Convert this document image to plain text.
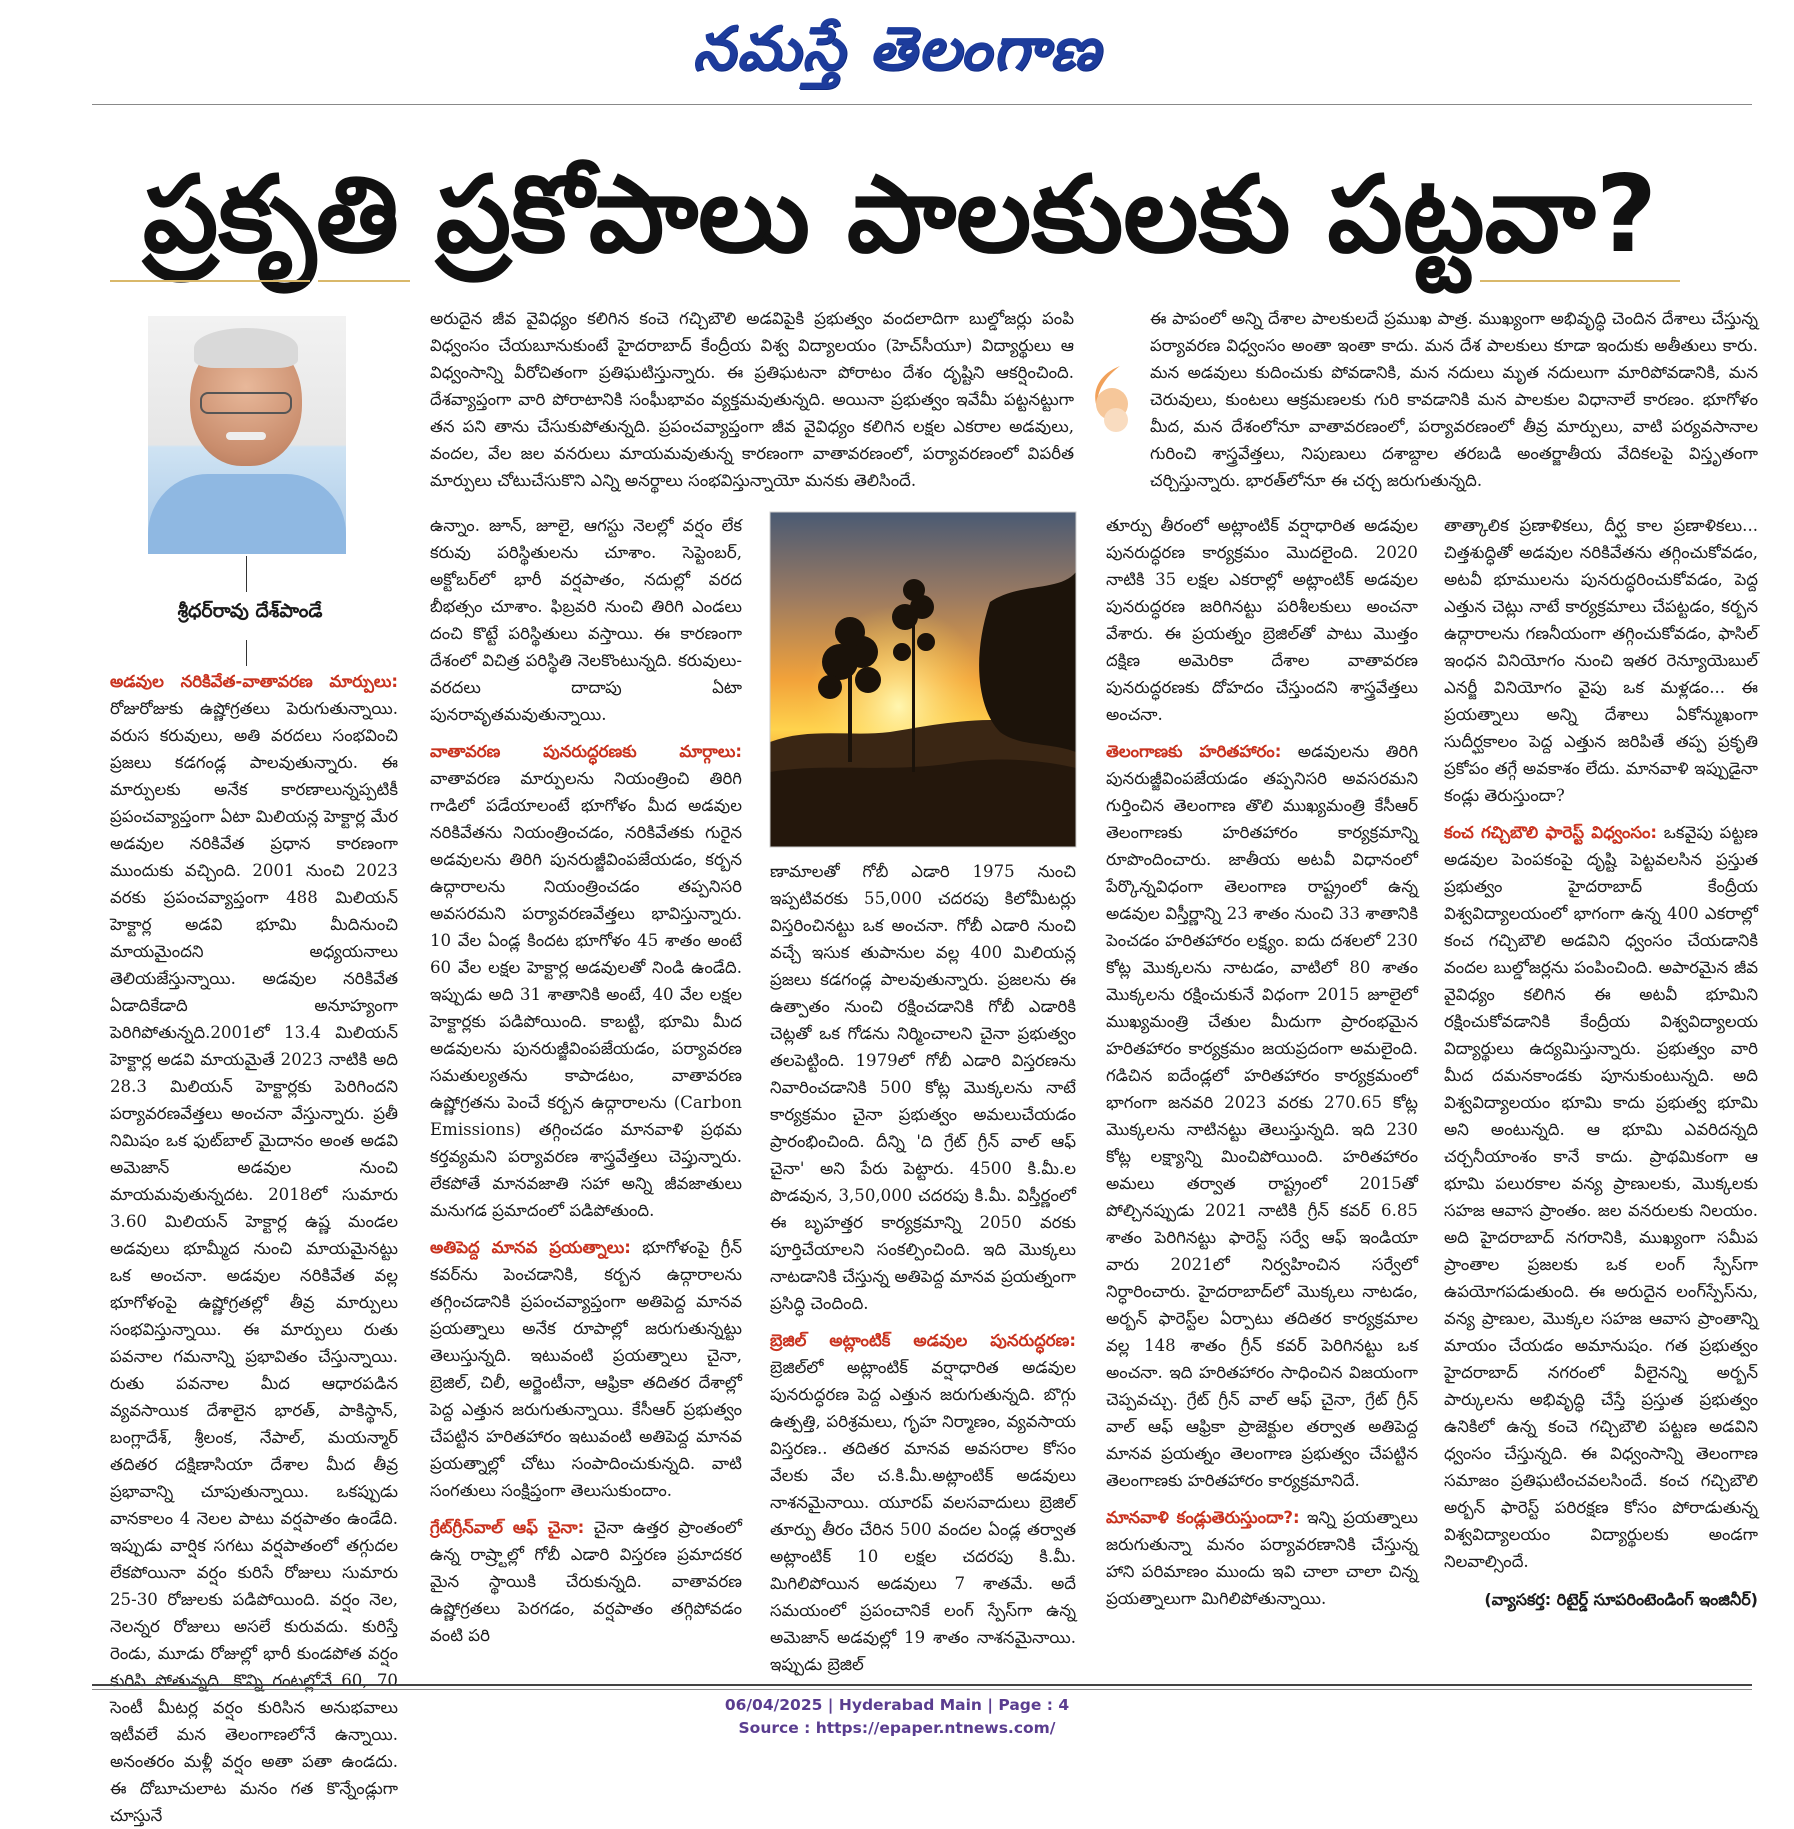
నమస్తే తెలంగాణ
ప్రకృతి ప్రకోపాలు పాలకులకు పట్టవా?
శ్రీధర్‌రావు దేశ్‌పాండే
అరుదైన జీవ వైవిధ్యం కలిగిన కంచె గచ్చిబౌలి అడవిపైకి ప్రభుత్వం వందలాదిగా బుల్డోజర్లు పంపి విధ్వంసం చేయబూనుకుంటే హైదరాబాద్ కేంద్రీయ విశ్వ విద్యాలయం (హెచ్‌సీయూ) విద్యార్థులు ఆ విధ్వంసాన్ని వీరోచితంగా ప్రతిఘటిస్తున్నారు. ఈ ప్రతిఘటనా పోరాటం దేశం దృష్టిని ఆకర్షించింది. దేశవ్యాప్తంగా వారి పోరాటానికి సంఘీభావం వ్యక్తమవుతున్నది. అయినా ప్రభుత్వం ఇవేమీ పట్టనట్టుగా తన పని తాను చేసుకుపోతున్నది. ప్రపంచవ్యాప్తంగా జీవ వైవిధ్యం కలిగిన లక్షల ఎకరాల అడవులు, వందల, వేల జల వనరులు మాయమవుతున్న కారణంగా వాతావరణంలో, పర్యావరణంలో విపరీత మార్పులు చోటుచేసుకొని ఎన్ని అనర్థాలు సంభవిస్తున్నాయో మనకు తెలిసిందే.
ఈ పాపంలో అన్ని దేశాల పాలకులదే ప్రముఖ పాత్ర. ముఖ్యంగా అభివృద్ధి చెందిన దేశాలు చేస్తున్న పర్యావరణ విధ్వంసం అంతా ఇంతా కాదు. మన దేశ పాలకులు కూడా ఇందుకు అతీతులు కారు. మన అడవులు కుదించుకు పోవడానికి, మన నదులు మృత నదులుగా మారిపోవడానికి, మన చెరువులు, కుంటలు ఆక్రమణలకు గురి కావడానికి మన పాలకుల విధానాలే కారణం. భూగోళం మీద, మన దేశంలోనూ వాతావరణంలో, పర్యావరణంలో తీవ్ర మార్పులు, వాటి పర్యవసానాల గురించి శాస్త్రవేత్తలు, నిపుణులు దశాబ్దాల తరబడి అంతర్జాతీయ వేదికలపై విస్తృతంగా చర్చిస్తున్నారు. భారత్‌లోనూ ఈ చర్చ జరుగుతున్నది.

అడవుల నరికివేత-వాతావరణ మార్పులు: రోజురోజుకు ఉష్ణోగ్రతలు పెరుగుతున్నాయి. వరుస కరువులు, అతి వరదలు సంభవించి ప్రజలు కడగండ్ల పాలవుతున్నారు. ఈ మార్పులకు అనేక కారణాలున్నప్పటికీ ప్రపంచవ్యాప్తంగా ఏటా మిలియన్ల హెక్టార్ల మేర అడవుల నరికివేత ప్రధాన కారణంగా ముందుకు వచ్చింది. 2001 నుంచి 2023 వరకు ప్రపంచవ్యాప్తంగా 488 మిలియన్ హెక్టార్ల అడవి భూమి మీదినుంచి మాయమైందని అధ్యయనాలు తెలియజేస్తున్నాయి. అడవుల నరికివేత ఏడాదికేడాది అనూహ్యంగా పెరిగిపోతున్నది.2001లో 13.4 మిలియన్ హెక్టార్ల అడవి మాయమైతే 2023 నాటికి అది 28.3 మిలియన్ హెక్టార్లకు పెరిగిందని పర్యావరణవేత్తలు అంచనా వేస్తున్నారు. ప్రతీ నిమిషం ఒక ఫుట్‌బాల్ మైదానం అంత అడవి అమెజాన్ అడవుల నుంచి మాయమవుతున్నదట. 2018లో సుమారు 3.60 మిలియన్ హెక్టార్ల ఉష్ణ మండల అడవులు భూమ్మీద నుంచి మాయమైనట్టు ఒక అంచనా. అడవుల నరికివేత వల్ల భూగోళంపై ఉష్ణోగ్రతల్లో తీవ్ర మార్పులు సంభవిస్తున్నాయి. ఈ మార్పులు రుతు పవనాల గమనాన్ని ప్రభావితం చేస్తున్నాయి. రుతు పవనాల మీద ఆధారపడిన వ్యవసాయిక దేశాలైన భారత్, పాకిస్థాన్, బంగ్లాదేశ్, శ్రీలంక, నేపాల్, మయన్మార్ తదితర దక్షిణాసియా దేశాల మీద తీవ్ర ప్రభావాన్ని చూపుతున్నాయి. ఒకప్పుడు వానకాలం 4 నెలల పాటు వర్షపాతం ఉండేది. ఇప్పుడు వార్షిక సగటు వర్షపాతంలో తగ్గుదల లేకపోయినా వర్షం కురిసే రోజులు సుమారు 25-30 రోజులకు పడిపోయింది. వర్షం నెల, నెలన్నర రోజులు అసలే కురువదు. కురిస్తే రెండు, మూడు రోజుల్లో భారీ కుండపోత వర్షం కురిసి పోతున్నది. కొన్ని గంటల్లోనే 60, 70 సెంటీ మీటర్ల వర్షం కురిసిన అనుభవాలు ఇటీవలే మన తెలంగాణలోనే ఉన్నాయి. అనంతరం మళ్లీ వర్షం అతా పతా ఉండదు. ఈ దోబూచులాట మనం గత కొన్నేండ్లుగా చూస్తునే

ఉన్నాం. జూన్, జూలై, ఆగస్టు నెలల్లో వర్షం లేక కరువు పరిస్థితులను చూశాం. సెప్టెంబర్, అక్టోబర్‌లో భారీ వర్షపాతం, నదుల్లో వరద బీభత్సం చూశాం. ఫిబ్రవరి నుంచి తిరిగి ఎండలు దంచి కొట్టే పరిస్థితులు వస్తాయి. ఈ కారణంగా దేశంలో విచిత్ర పరిస్థితి నెలకొంటున్నది. కరువులు-వరదలు దాదాపు ఏటా పునరావృతమవుతున్నాయి.

వాతావరణ పునరుద్ధరణకు మార్గాలు: వాతావరణ మార్పులను నియంత్రించి తిరిగి గాడిలో పడేయాలంటే భూగోళం మీద అడవుల నరికివేతను నియంత్రించడం, నరికివేతకు గురైన అడవులను తిరిగి పునరుజ్జీవింపజేయడం, కర్బన ఉద్గారాలను నియంత్రించడం తప్పనిసరి అవసరమని పర్యావరణవేత్తలు భావిస్తున్నారు. 10 వేల ఏండ్ల కిందట భూగోళం 45 శాతం అంటే 60 వేల లక్షల హెక్టార్ల అడవులతో నిండి ఉండేది. ఇప్పుడు అది 31 శాతానికి అంటే, 40 వేల లక్షల హెక్టార్లకు పడిపోయింది. కాబట్టి, భూమి మీద అడవులను పునరుజ్జీవింపజేయడం, పర్యావరణ సమతుల్యతను కాపాడటం, వాతావరణ ఉష్ణోగ్రతను పెంచే కర్బన ఉద్గారాలను (Carbon Emissions) తగ్గించడం మానవాళి ప్రథమ కర్తవ్యమని పర్యావరణ శాస్త్రవేత్తలు చెప్తున్నారు. లేకపోతే మానవజాతి సహా అన్ని జీవజాతులు మనుగడ ప్రమాదంలో పడిపోతుంది.

అతిపెద్ద మానవ ప్రయత్నాలు: భూగోళంపై గ్రీన్ కవర్‌ను పెంచడానికి, కర్బన ఉద్గారాలను తగ్గించడానికి ప్రపంచవ్యాప్తంగా అతిపెద్ద మానవ ప్రయత్నాలు అనేక రూపాల్లో జరుగుతున్నట్టు తెలుస్తున్నది. ఇటువంటి ప్రయత్నాలు చైనా, బ్రెజిల్, చిలీ, అర్జెంటీనా, ఆఫ్రికా తదితర దేశాల్లో పెద్ద ఎత్తున జరుగుతున్నాయి. కేసీఆర్ ప్రభుత్వం చేపట్టిన హరితహారం ఇటువంటి అతిపెద్ద మానవ ప్రయత్నాల్లో చోటు సంపాదించుకున్నది. వాటి సంగతులు సంక్షిప్తంగా తెలుసుకుందాం.

గ్రేట్‌గ్రీన్‌వాల్ ఆఫ్ చైనా: చైనా ఉత్తర ప్రాంతంలో ఉన్న రాష్ర్టాల్లో గోబీ ఎడారి విస్తరణ ప్రమాదకర మైన స్థాయికి చేరుకున్నది. వాతావరణ ఉష్ణోగ్రతలు పెరగడం, వర్షపాతం తగ్గిపోవడం వంటి పరి

ణామాలతో గోబీ ఎడారి 1975 నుంచి ఇప్పటివరకు 55,000 చదరపు కిలోమీటర్లు విస్తరించినట్టు ఒక అంచనా. గోబీ ఎడారి నుంచి వచ్చే ఇసుక తుపానుల వల్ల 400 మిలియన్ల ప్రజలు కడగండ్ల పాలవుతున్నారు. ప్రజలను ఈ ఉత్పాతం నుంచి రక్షించడానికి గోబీ ఎడారికి చెట్లతో ఒక గోడను నిర్మించాలని చైనా ప్రభుత్వం తలపెట్టింది. 1979లో గోబీ ఎడారి విస్తరణను నివారించడానికి 500 కోట్ల మొక్కలను నాటే కార్యక్రమం చైనా ప్రభుత్వం అమలుచేయడం ప్రారంభించింది. దీన్ని 'ది గ్రేట్ గ్రీన్ వాల్ ఆఫ్ చైనా' అని పేరు పెట్టారు. 4500 కి.మీ.ల పొడవున, 3,50,000 చదరపు కి.మీ. విస్తీర్ణంలో ఈ బృహత్తర కార్యక్రమాన్ని 2050 వరకు పూర్తిచేయాలని సంకల్పించింది. ఇది మొక్కలు నాటడానికి చేస్తున్న అతిపెద్ద మానవ ప్రయత్నంగా ప్రసిద్ధి చెందింది.

బ్రెజిల్ అట్లాంటిక్ అడవుల పునరుద్ధరణ: బ్రెజిల్‌లో అట్లాంటిక్ వర్షాధారిత అడవుల పునరుద్ధరణ పెద్ద ఎత్తున జరుగుతున్నది. బొగ్గు ఉత్పత్తి, పరిశ్రమలు, గృహ నిర్మాణం, వ్యవసాయ విస్తరణ.. తదితర మానవ అవసరాల కోసం వేలకు వేల చ.కి.మీ.అట్లాంటిక్ అడవులు నాశనమైనాయి. యూరప్ వలసవాదులు బ్రెజిల్ తూర్పు తీరం చేరిన 500 వందల ఏండ్ల తర్వాత అట్లాంటిక్ 10 లక్షల చదరపు కి.మీ. మిగిలిపోయిన అడవులు 7 శాతమే. అదే సమయంలో ప్రపంచానికే లంగ్ స్పేస్‌గా ఉన్న అమెజాన్ అడవుల్లో 19 శాతం నాశనమైనాయి. ఇప్పుడు బ్రెజిల్

తూర్పు తీరంలో అట్లాంటిక్ వర్షాధారిత అడవుల పునరుద్ధరణ కార్యక్రమం మొదలైంది. 2020 నాటికి 35 లక్షల ఎకరాల్లో అట్లాంటిక్ అడవుల పునరుద్ధరణ జరిగినట్టు పరిశీలకులు అంచనా వేశారు. ఈ ప్రయత్నం బ్రెజిల్‌తో పాటు మొత్తం దక్షిణ అమెరికా దేశాల వాతావరణ పునరుద్ధరణకు దోహదం చేస్తుందని శాస్త్రవేత్తలు అంచనా.

తెలంగాణకు హరితహారం: అడవులను తిరిగి పునరుజ్జీవింపజేయడం తప్పనిసరి అవసరమని గుర్తించిన తెలంగాణ తొలి ముఖ్యమంత్రి కేసీఆర్ తెలంగాణకు హరితహారం కార్యక్రమాన్ని రూపొందించారు. జాతీయ అటవీ విధానంలో పేర్కొన్నవిధంగా తెలంగాణ రాష్ట్రంలో ఉన్న అడవుల విస్తీర్ణాన్ని 23 శాతం నుంచి 33 శాతానికి పెంచడం హరితహారం లక్ష్యం. ఐదు దశలలో 230 కోట్ల మొక్కలను నాటడం, వాటిలో 80 శాతం మొక్కలను రక్షించుకునే విధంగా 2015 జూలైలో ముఖ్యమంత్రి చేతుల మీదుగా ప్రారంభమైన హరితహారం కార్యక్రమం జయప్రదంగా అమలైంది. గడిచిన ఐదేండ్లలో హరితహారం కార్యక్రమంలో భాగంగా జనవరి 2023 వరకు 270.65 కోట్ల మొక్కలను నాటినట్టు తెలుస్తున్నది. ఇది 230 కోట్ల లక్ష్యాన్ని మించిపోయింది. హరితహారం అమలు తర్వాత రాష్ట్రంలో 2015తో పోల్చినప్పుడు 2021 నాటికి గ్రీన్ కవర్ 6.85 శాతం పెరిగినట్టు ఫారెస్ట్ సర్వే ఆఫ్ ఇండియా వారు 2021లో నిర్వహించిన సర్వేలో నిర్ధారించారు. హైదరాబాద్‌లో మొక్కలు నాటడం, అర్బన్ ఫారెస్ట్‌ల ఏర్పాటు తదితర కార్యక్రమాల వల్ల 148 శాతం గ్రీన్ కవర్ పెరిగినట్టు ఒక అంచనా. ఇది హరితహారం సాధించిన విజయంగా చెప్పవచ్చు. గ్రేట్ గ్రీన్ వాల్ ఆఫ్ చైనా, గ్రేట్ గ్రీన్ వాల్ ఆఫ్ ఆఫ్రికా ప్రాజెక్టుల తర్వాత అతిపెద్ద మానవ ప్రయత్నం తెలంగాణ ప్రభుత్వం చేపట్టిన తెలంగాణకు హరితహారం కార్యక్రమానిదే.

మానవాళి కండ్లుతెరుస్తుందా?: ఇన్ని ప్రయత్నాలు జరుగుతున్నా మనం పర్యావరణానికి చేస్తున్న హాని పరిమాణం ముందు ఇవి చాలా చాలా చిన్న ప్రయత్నాలుగా మిగిలిపోతున్నాయి.

తాత్కాలిక ప్రణాళికలు, దీర్ఘ కాల ప్రణాళికలు... చిత్తశుద్ధితో అడవుల నరికివేతను తగ్గించుకోవడం, అటవీ భూములను పునరుద్ధరించుకోవడం, పెద్ద ఎత్తున చెట్లు నాటే కార్యక్రమాలు చేపట్టడం, కర్బన ఉద్గారాలను గణనీయంగా తగ్గించుకోవడం, ఫాసిల్ ఇంధన వినియోగం నుంచి ఇతర రెన్యూయెబుల్ ఎనర్జీ వినియోగం వైపు ఒక మళ్లడం... ఈ ప్రయత్నాలు అన్ని దేశాలు ఏకోన్ముఖంగా సుదీర్ఘకాలం పెద్ద ఎత్తున జరిపితే తప్ప ప్రకృతి ప్రకోపం తగ్గే అవకాశం లేదు. మానవాళి ఇప్పుడైనా కండ్లు తెరుస్తుందా?

కంచ గచ్చిబౌలి ఫారెస్ట్ విధ్వంసం: ఒకవైపు పట్టణ అడవుల పెంపకంపై దృష్టి పెట్టవలసిన ప్రస్తుత ప్రభుత్వం హైదరాబాద్ కేంద్రీయ విశ్వవిద్యాలయంలో భాగంగా ఉన్న 400 ఎకరాల్లో కంచ గచ్చిబౌలి అడవిని ధ్వంసం చేయడానికి వందల బుల్డోజర్లను పంపించింది. అపారమైన జీవ వైవిధ్యం కలిగిన ఈ అటవీ భూమిని రక్షించుకోవడానికి కేంద్రీయ విశ్వవిద్యాలయ విద్యార్థులు ఉద్యమిస్తున్నారు. ప్రభుత్వం వారి మీద దమనకాండకు పూనుకుంటున్నది. అది విశ్వవిద్యాలయం భూమి కాదు ప్రభుత్వ భూమి అని అంటున్నది. ఆ భూమి ఎవరిదన్నది చర్చనీయాంశం కానే కాదు. ప్రాథమికంగా ఆ భూమి పలురకాల వన్య ప్రాణులకు, మొక్కలకు సహజ ఆవాస ప్రాంతం. జల వనరులకు నిలయం. అది హైదరాబాద్ నగరానికి, ముఖ్యంగా సమీప ప్రాంతాల ప్రజలకు ఒక లంగ్ స్పేస్‌గా ఉపయోగపడుతుంది. ఈ అరుదైన లంగ్‌స్పేస్‌ను, వన్య ప్రాణుల, మొక్కల సహజ ఆవాస ప్రాంతాన్ని మాయం చేయడం అమానుషం. గత ప్రభుత్వం హైదరాబాద్ నగరంలో వీలైనన్ని అర్బన్ పార్కులను అభివృద్ధి చేస్తే ప్రస్తుత ప్రభుత్వం ఉనికిలో ఉన్న కంచె గచ్చిబౌలి పట్టణ అడవిని ధ్వంసం చేస్తున్నది. ఈ విధ్వంసాన్ని తెలంగాణ సమాజం ప్రతిఘటించవలసిందే. కంచ గచ్చిబౌలి అర్బన్ ఫారెస్ట్ పరిరక్షణ కోసం పోరాడుతున్న విశ్వవిద్యాలయం విద్యార్థులకు అండగా నిలవాల్సిందే.

(వ్యాసకర్త: రిటైర్డ్ సూపరింటెండింగ్ ఇంజినీర్)
06/04/2025 | Hyderabad Main | Page : 4
Source : https://epaper.ntnews.com/
